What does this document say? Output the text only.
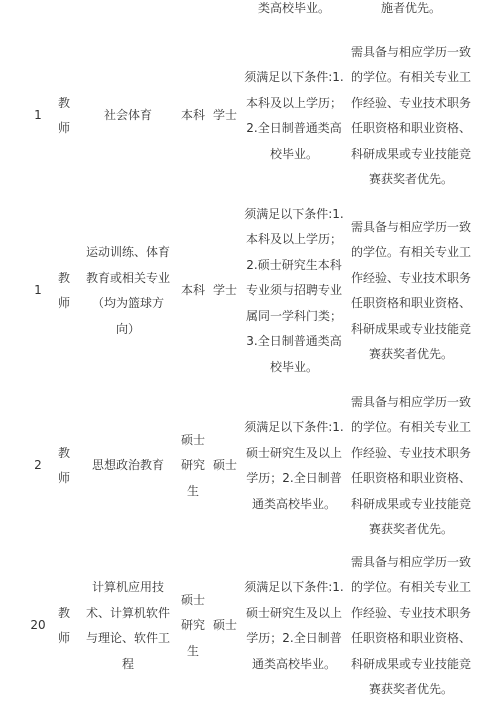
类高校毕业。	施者优先。
1
教
师
社会体育 本科 学士
须满足以下条件:1.
本科及以上学历；
2.全日制普通类高
校毕业。
需具备与相应学历一致
的学位。有相关专业工
作经验、专业技术职务
任职资格和职业资格、
科研成果或专业技能竞
赛获奖者优先。
1
教
师
运动训练、体育
教育或相关专业
（均为篮球方
向）
本科 学士
须满足以下条件:1.
本科及以上学历；
2.硕士研究生本科
专业须与招聘专业
属同一学科门类；
3.全日制普通类高
校毕业。
需具备与相应学历一致
的学位。有相关专业工
作经验、专业技术职务
任职资格和职业资格、
科研成果或专业技能竞
赛获奖者优先。
2
教
师
思想政治教育
硕士
研究
生
硕士
须满足以下条件:1.
硕士研究生及以上
学历；2.全日制普
通类高校毕业。
需具备与相应学历一致
的学位。有相关专业工
作经验、专业技术职务
任职资格和职业资格、
科研成果或专业技能竞
赛获奖者优先。
20
教
师
计算机应用技
术、计算机软件
与理论、软件工
程
硕士
研究
生
硕士
须满足以下条件:1.
硕士研究生及以上
学历；2.全日制普
通类高校毕业。
需具备与相应学历一致
的学位。有相关专业工
作经验、专业技术职务
任职资格和职业资格、
科研成果或专业技能竞
赛获奖者优先。
